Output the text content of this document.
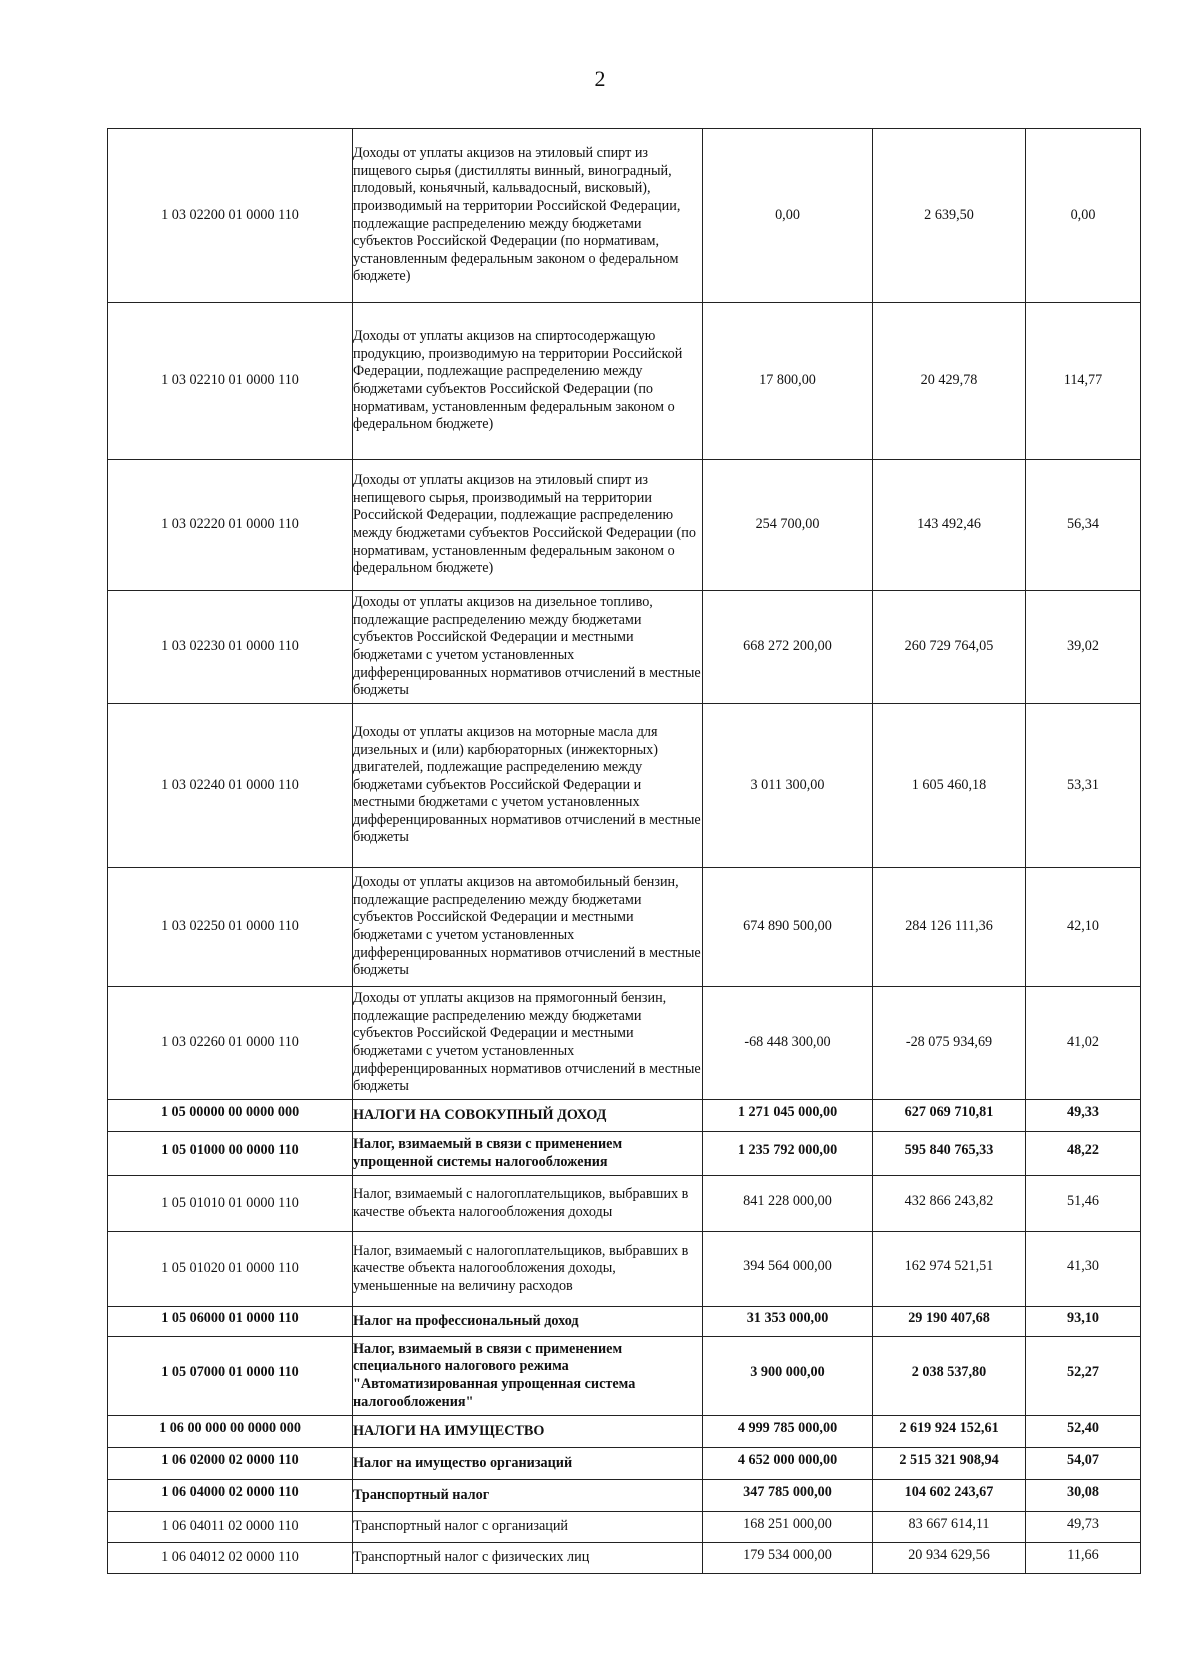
2
1 03 02200 01 0000 110	Доходы от уплаты акцизов на этиловый спирт из пищевого сырья (дистилляты винный, виноградный, плодовый, коньячный, кальвадосный, висковый), производимый на территории Российской Федерации, подлежащие распределению между бюджетами субъектов Российской Федерации (по нормативам, установленным федеральным законом о федеральном бюджете)	0,00	2 639,50	0,00
1 03 02210 01 0000 110	Доходы от уплаты акцизов на спиртосодержащую продукцию, производимую на территории Российской Федерации, подлежащие распределению между бюджетами субъектов Российской Федерации (по нормативам, установленным федеральным законом о федеральном бюджете)	17 800,00	20 429,78	114,77
1 03 02220 01 0000 110	Доходы от уплаты акцизов на этиловый спирт из непищевого сырья, производимый на территории Российской Федерации, подлежащие распределению между бюджетами субъектов Российской Федерации (по нормативам, установленным федеральным законом о федеральном бюджете)	254 700,00	143 492,46	56,34
1 03 02230 01 0000 110	Доходы от уплаты акцизов на дизельное топливо, подлежащие распределению между бюджетами субъектов Российской Федерации и местными бюджетами с учетом установленных дифференцированных нормативов отчислений в местные бюджеты	668 272 200,00	260 729 764,05	39,02
1 03 02240 01 0000 110	Доходы от уплаты акцизов на моторные масла для дизельных и (или) карбюраторных (инжекторных) двигателей, подлежащие распределению между бюджетами субъектов Российской Федерации и местными бюджетами с учетом установленных дифференцированных нормативов отчислений в местные бюджеты	3 011 300,00	1 605 460,18	53,31
1 03 02250 01 0000 110	Доходы от уплаты акцизов на автомобильный бензин, подлежащие распределению между бюджетами субъектов Российской Федерации и местными бюджетами с учетом установленных дифференцированных нормативов отчислений в местные бюджеты	674 890 500,00	284 126 111,36	42,10
1 03 02260 01 0000 110	Доходы от уплаты акцизов на прямогонный бензин, подлежащие распределению между бюджетами субъектов Российской Федерации и местными бюджетами с учетом установленных дифференцированных нормативов отчислений в местные бюджеты	-68 448 300,00	-28 075 934,69	41,02
1 05 00000 00 0000 000	НАЛОГИ НА СОВОКУПНЫЙ ДОХОД	1 271 045 000,00	627 069 710,81	49,33
1 05 01000 00 0000 110	Налог, взимаемый в связи с применением упрощенной системы налогообложения	1 235 792 000,00	595 840 765,33	48,22
1 05 01010 01 0000 110	Налог, взимаемый с налогоплательщиков, выбравших в качестве объекта налогообложения доходы	841 228 000,00	432 866 243,82	51,46
1 05 01020 01 0000 110	Налог, взимаемый с налогоплательщиков, выбравших в качестве объекта налогообложения доходы, уменьшенные на величину расходов	394 564 000,00	162 974 521,51	41,30
1 05 06000 01 0000 110	Налог на профессиональный доход	31 353 000,00	29 190 407,68	93,10
1 05 07000 01 0000 110	Налог, взимаемый в связи с применением специального налогового режима "Автоматизированная упрощенная система налогообложения"	3 900 000,00	2 038 537,80	52,27
1 06 00 000 00 0000 000	НАЛОГИ НА ИМУЩЕСТВО	4 999 785 000,00	2 619 924 152,61	52,40
1 06 02000 02 0000 110	Налог на имущество организаций	4 652 000 000,00	2 515 321 908,94	54,07
1 06 04000 02 0000 110	Транспортный налог	347 785 000,00	104 602 243,67	30,08
1 06 04011 02 0000 110	Транспортный налог с организаций	168 251 000,00	83 667 614,11	49,73
1 06 04012 02 0000 110	Транспортный налог с физических лиц	179 534 000,00	20 934 629,56	11,66
